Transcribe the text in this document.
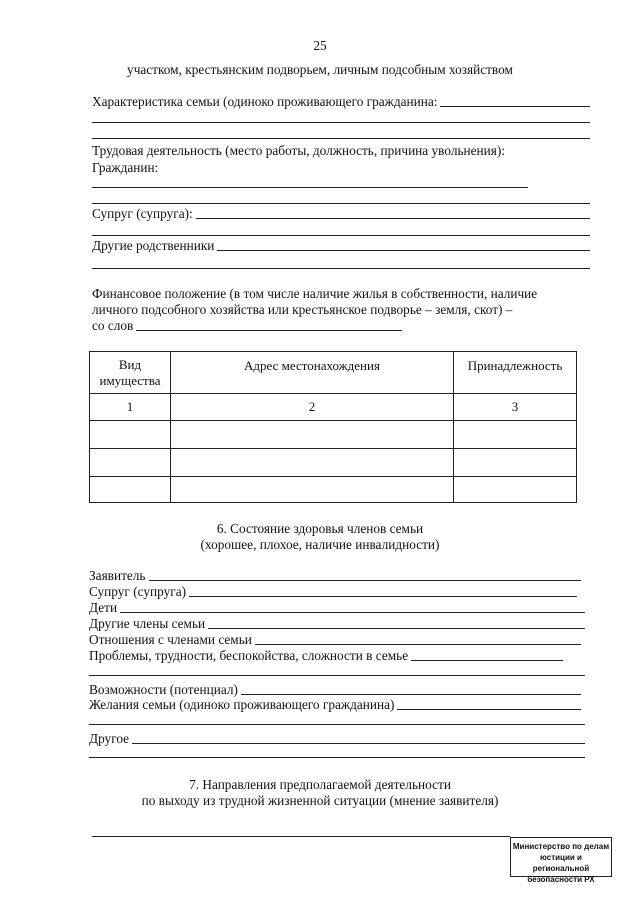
25
участком, крестьянским подворьем, личным подсобным хозяйством
Характеристика семьи (одиноко проживающего гражданина:
Трудовая деятельность (место работы, должность, причина увольнения):
Гражданин:
Супруг (супруга):
Другие родственники
Финансовое положение (в том числе наличие жилья в собственности, наличие
личного подсобного хозяйства или крестьянское подворье – земля, скот) –
со слов
Вид имущества	Адрес местонахождения	Принадлежность
1	2	3

6. Состояние здоровья членов семьи
(хорошее, плохое, наличие инвалидности)
Заявитель
Супруг (супруга)
Дети
Другие члены семьи
Отношения с членами семьи
Проблемы, трудности, беспокойства, сложности в семье
Возможности (потенциал)
Желания семьи (одиноко проживающего гражданина)
Другое
7. Направления предполагаемой деятельности
по выходу из трудной жизненной ситуации (мнение заявителя)
Министерство по делам
юстиции и региональной
безопасности РХ
